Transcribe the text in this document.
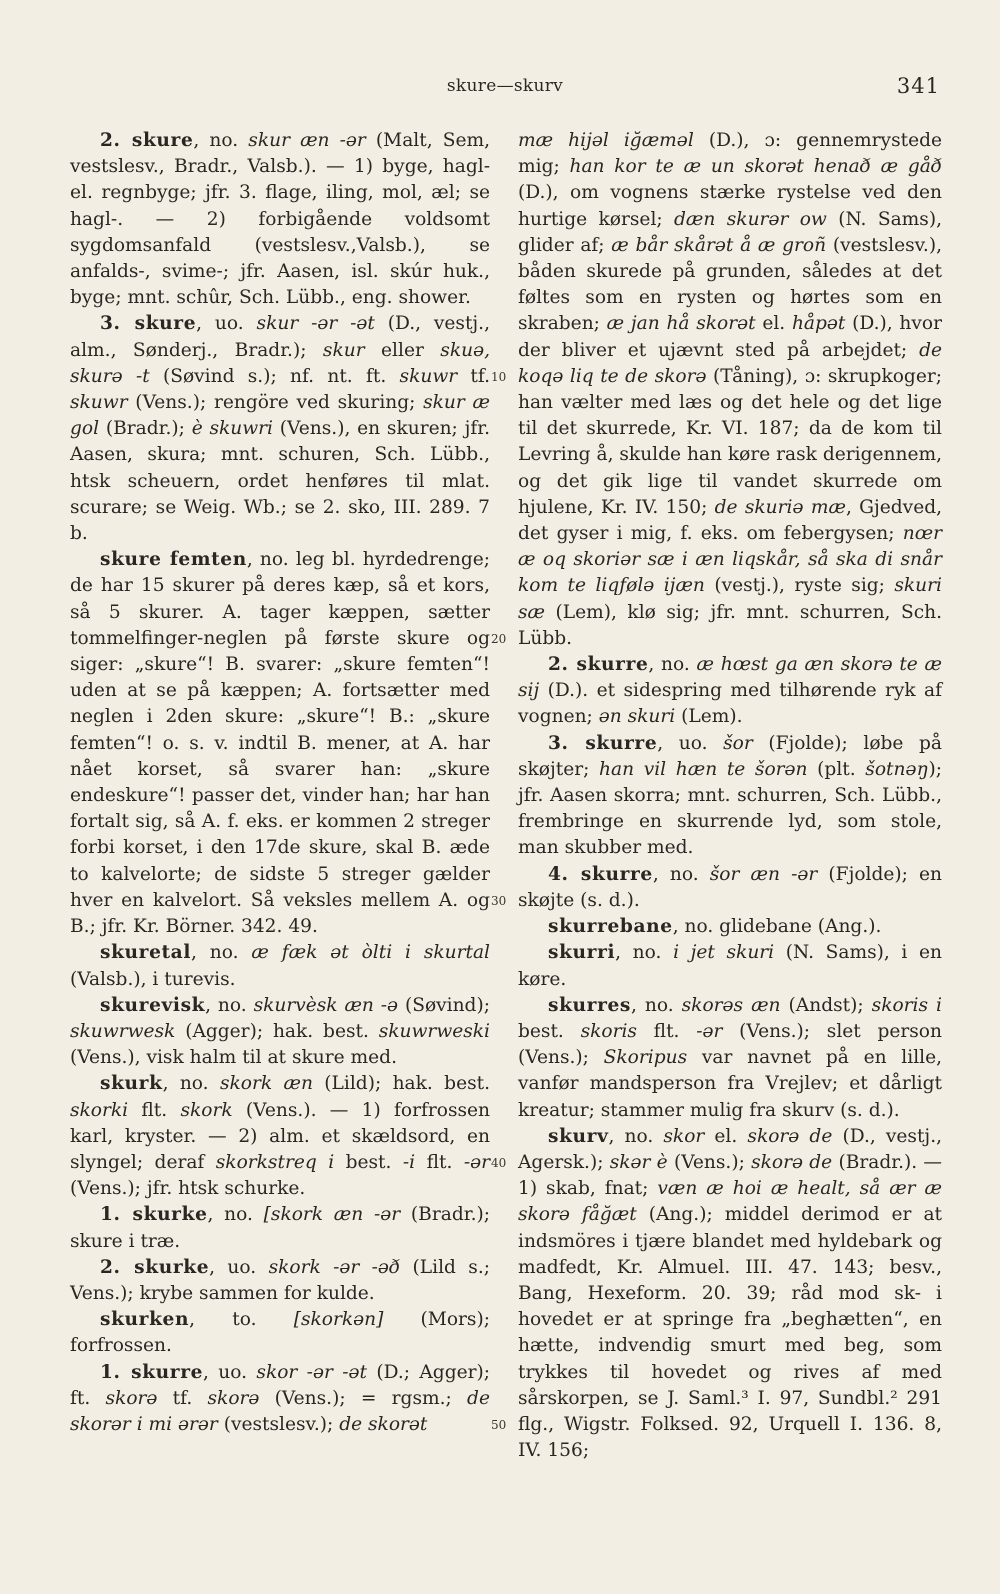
skure—skurv	341

2. skure, no. skur æn -ər (Malt, Sem, vestslesv., Bradr., Valsb.). — 1) byge, hagl- el. regnbyge; jfr. 3. flage, iling, mol, æl; se hagl-. — 2) forbigående voldsomt sygdomsanfald (vestslesv.,Valsb.), se anfalds-, svime-; jfr. Aasen, isl. skúr huk., byge; mnt. schûr, Sch. Lübb., eng. shower.

3. skure, uo. skur -ər -ət (D., vestj., alm., Sønderj., Bradr.); skur eller skuə, skurə -t (Søvind s.); nf. nt. ft. skuwr tf. skuwr (Vens.); rengöre ved skuring; skur æ gol (Bradr.); è skuwri (Vens.), en skuren; jfr. Aasen, skura; mnt. schuren, Sch. Lübb., htsk scheuern, ordet henføres til mlat. scurare; se Weig. Wb.; se 2. sko, III. 289. 7 b.

skure femten, no. leg bl. hyrdedrenge; de har 15 skurer på deres kæp, så et kors, så 5 skurer. A. tager kæppen, sætter tommelfinger-neglen på første skure og siger: „skure“! B. svarer: „skure femten“! uden at se på kæppen; A. fortsætter med neglen i 2den skure: „skure“! B.: „skure femten“! o. s. v. indtil B. mener, at A. har nået korset, så svarer han: „skure endeskure“! passer det, vinder han; har han fortalt sig, så A. f. eks. er kommen 2 streger forbi korset, i den 17de skure, skal B. æde to kalvelorte; de sidste 5 streger gælder hver en kalvelort. Så veksles mellem A. og B.; jfr. Kr. Börner. 342. 49.

skuretal, no. æ fæk ət òlti i skurtal (Valsb.), i turevis.

skurevisk, no. skurvèsk æn -ə (Søvind); skuwrwesk (Agger); hak. best. skuwrweski (Vens.), visk halm til at skure med.

skurk, no. skork æn (Lild); hak. best. skorki flt. skork (Vens.). — 1) forfrossen karl, kryster. — 2) alm. et skældsord, en slyngel; deraf skorkstreq i best. -i flt. -ər (Vens.); jfr. htsk schurke.

1. skurke, no. [skork æn -ər (Bradr.); skure i træ.

2. skurke, uo. skork -ər -əð (Lild s.; Vens.); krybe sammen for kulde.

skurken, to. [skorkən] (Mors); forfrossen.

1. skurre, uo. skor -ər -ət (D.; Agger); ft. skorə tf. skorə (Vens.); = rgsm.; de skorər i mi ərər (vestslesv.); de skorət

10
20
30
40
50

mæ hijəl iğæməl (D.), ɔ: gennemrystede mig; han kor te æ un skorət henað æ gåð (D.), om vognens stærke rystelse ved den hurtige kørsel; dæn skurər ow (N. Sams), glider af; æ bår skårət å æ groñ (vestslesv.), båden skurede på grunden, således at det føltes som en rysten og hørtes som en skraben; æ jan hå skorət el. håpət (D.), hvor der bliver et ujævnt sted på arbejdet; de koqə liq te de skorə (Tåning), ɔ: skrupkoger; han vælter med læs og det hele og det lige til det skurrede, Kr. VI. 187; da de kom til Levring å, skulde han køre rask derigennem, og det gik lige til vandet skurrede om hjulene, Kr. IV. 150; de skuriə mæ, Gjedved, det gyser i mig, f. eks. om febergysen; nœr æ oq skoriər sæ i æn liqskår, så ska di snår kom te liqfølə ijæn (vestj.), ryste sig; skuri sæ (Lem), klø sig; jfr. mnt. schurren, Sch. Lübb.

2. skurre, no. æ hœst ga æn skorə te æ sij (D.). et sidespring med tilhørende ryk af vognen; ən skuri (Lem).

3. skurre, uo. šor (Fjolde); løbe på skøjter; han vil hæn te šorən (plt. šotnəŋ); jfr. Aasen skorra; mnt. schurren, Sch. Lübb., frembringe en skurrende lyd, som stole, man skubber med.

4. skurre, no. šor æn -ər (Fjolde); en skøjte (s. d.).

skurrebane, no. glidebane (Ang.).

skurri, no. i jet skuri (N. Sams), i en køre.

skurres, no. skorəs æn (Andst); skoris i best. skoris flt. -ər (Vens.); slet person (Vens.); Skoripus var navnet på en lille, vanfør mandsperson fra Vrejlev; et dårligt kreatur; stammer mulig fra skurv (s. d.).

skurv, no. skor el. skorə de (D., vestj., Agersk.); skər è (Vens.); skorə de (Bradr.). — 1) skab, fnat; væn æ hoi æ healt, så ær æ skorə fåğæt (Ang.); middel derimod er at indsmöres i tjære blandet med hyldebark og madfedt, Kr. Almuel. III. 47. 143; besv., Bang, Hexeform. 20. 39; råd mod sk- i hovedet er at springe fra „beghætten“, en hætte, indvendig smurt med beg, som trykkes til hovedet og rives af med sårskorpen, se J. Saml.³ I. 97, Sundbl.² 291 flg., Wigstr. Folksed. 92, Urquell I. 136. 8, IV. 156;
